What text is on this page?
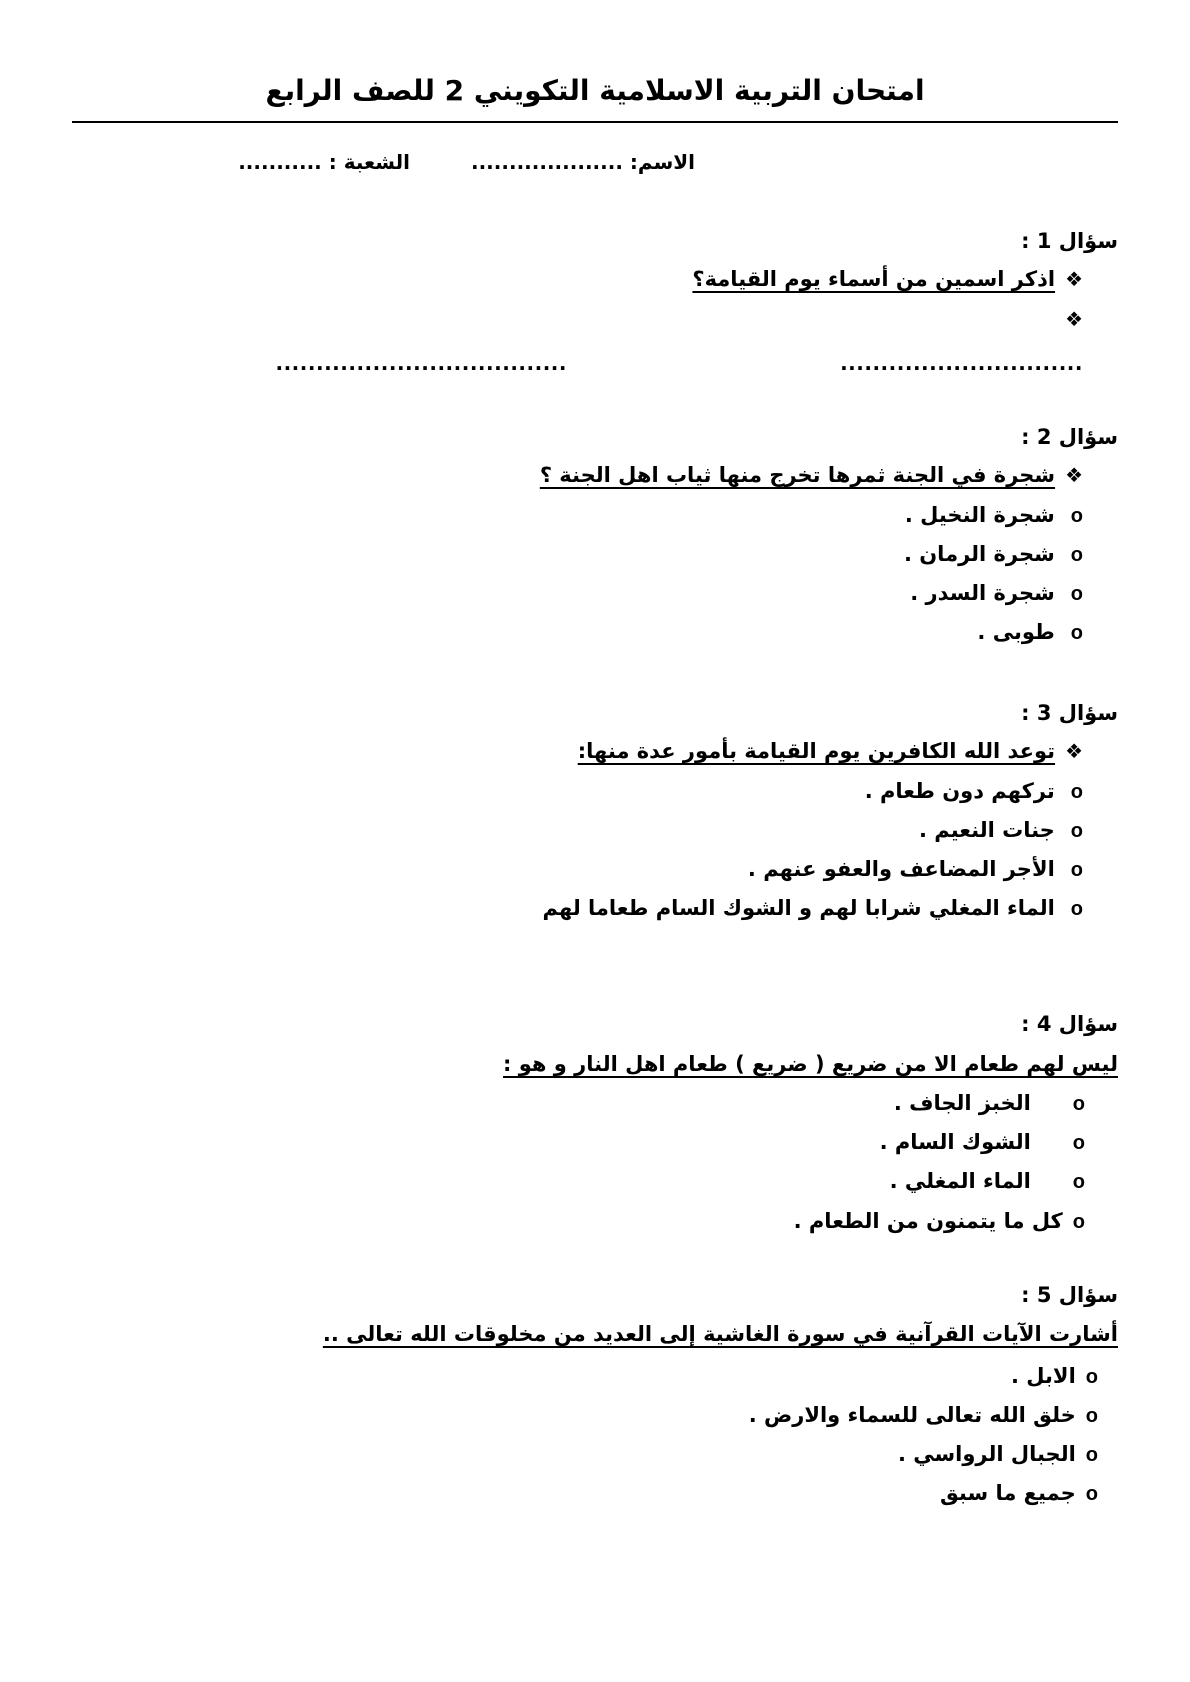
امتحان التربية الاسلامية التكويني 2 للصف الرابع
الاسم: ....................
الشعبة : ...........
سؤال 1 :
❖اذكر اسمين من أسماء يوم القيامة؟
❖
..............................
....................................
سؤال 2 :
❖شجرة في الجنة ثمرها تخرج منها ثياب اهل الجنة ؟
oشجرة النخيل .
oشجرة الرمان .
oشجرة السدر .
oطوبى .
سؤال 3 :
❖توعد الله الكافرين يوم القيامة بأمور عدة منها:
oتركهم دون طعام .
oجنات النعيم .
oالأجر المضاعف والعفو عنهم .
oالماء المغلي شرابا لهم و الشوك السام طعاما لهم
سؤال 4 :
ليس لهم طعام الا من ضريع ( ضريع ) طعام اهل النار و هو :
oالخبز الجاف .
oالشوك السام .
oالماء المغلي .
oكل ما يتمنون من الطعام .
سؤال 5 :
أشارت الآيات القرآنية في سورة الغاشية إلى العديد من مخلوقات الله تعالى ..
oالابل .
oخلق الله تعالى للسماء والارض .
oالجبال الرواسي .
oجميع ما سبق
